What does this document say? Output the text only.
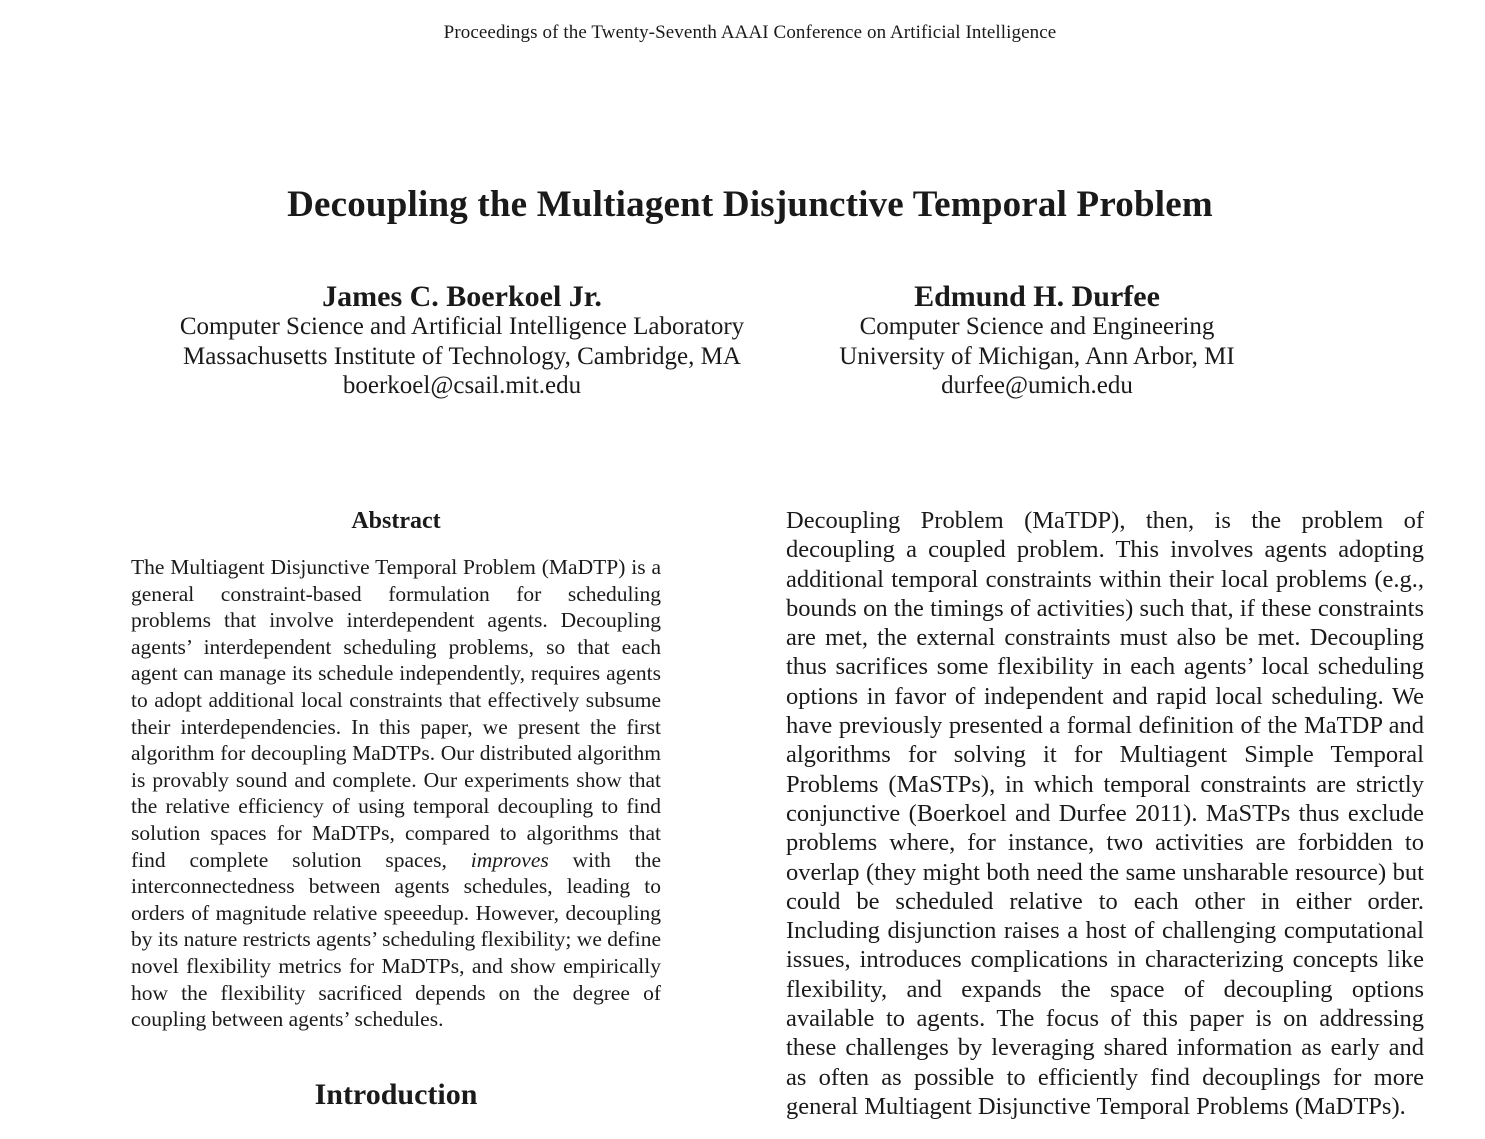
Proceedings of the Twenty-Seventh AAAI Conference on Artificial Intelligence
Decoupling the Multiagent Disjunctive Temporal Problem
James C. Boerkoel Jr.
Computer Science and Artificial Intelligence Laboratory
Massachusetts Institute of Technology, Cambridge, MA
boerkoel@csail.mit.edu
Edmund H. Durfee
Computer Science and Engineering
University of Michigan, Ann Arbor, MI
durfee@umich.edu
Abstract

The Multiagent Disjunctive Temporal Problem (MaDTP) is a general constraint-based formulation for scheduling problems that involve interdependent agents. Decoupling agents’ interdependent scheduling problems, so that each agent can manage its schedule independently, requires agents to adopt additional local constraints that effectively subsume their interdependencies. In this paper, we present the first algorithm for decoupling MaDTPs. Our distributed algorithm is provably sound and complete. Our experiments show that the relative efficiency of using temporal decoupling to find solution spaces for MaDTPs, compared to algorithms that find complete solution spaces, improves with the interconnectedness between agents schedules, leading to orders of magnitude relative speeedup. However, decoupling by its nature restricts agents’ scheduling flexibility; we define novel flexibility metrics for MaDTPs, and show empirically how the flexibility sacrificed depends on the degree of coupling between agents’ schedules.

Introduction

Decoupling Problem (MaTDP), then, is the problem of decoupling a coupled problem. This involves agents adopting additional temporal constraints within their local problems (e.g., bounds on the timings of activities) such that, if these constraints are met, the external constraints must also be met. Decoupling thus sacrifices some flexibility in each agents’ local scheduling options in favor of independent and rapid local scheduling. We have previously presented a formal definition of the MaTDP and algorithms for solving it for Multiagent Simple Temporal Problems (MaSTPs), in which temporal constraints are strictly conjunctive (Boerkoel and Durfee 2011). MaSTPs thus exclude problems where, for instance, two activities are forbidden to overlap (they might both need the same unsharable resource) but could be scheduled relative to each other in either order. Including disjunction raises a host of challenging computational issues, introduces complications in characterizing concepts like flexibility, and expands the space of decoupling options available to agents. The focus of this paper is on addressing these challenges by leveraging shared information as early and as often as possible to efficiently find decouplings for more general Multiagent Disjunctive Temporal Problems (MaDTPs).
